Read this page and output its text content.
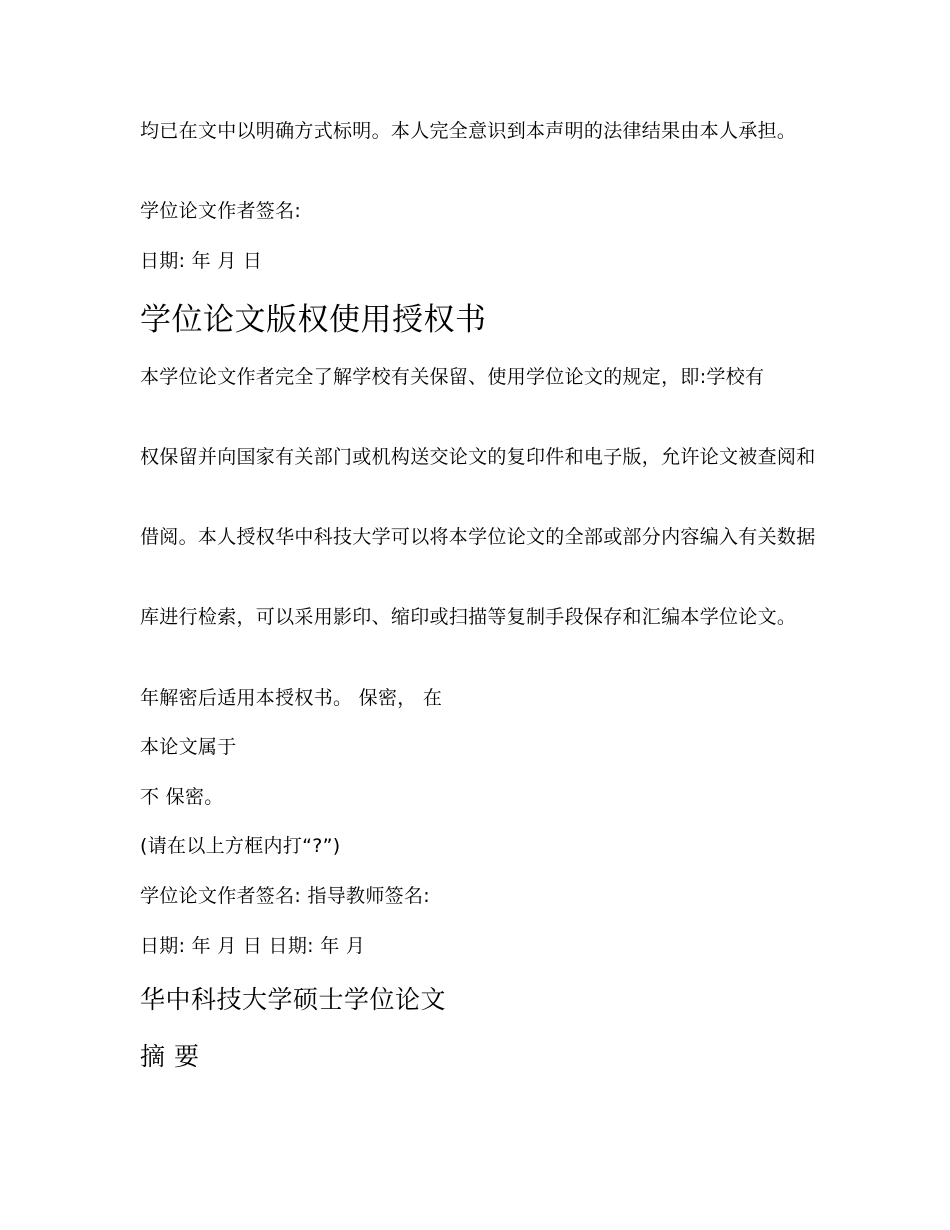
均已在文中以明确方式标明。本人完全意识到本声明的法律结果由本人承担。

学位论文作者签名:

日期: 年 月 日

学位论文版权使用授权书

本学位论文作者完全了解学校有关保留、使用学位论文的规定，即:学校有

权保留并向国家有关部门或机构送交论文的复印件和电子版，允许论文被查阅和

借阅。本人授权华中科技大学可以将本学位论文的全部或部分内容编入有关数据

库进行检索，可以采用影印、缩印或扫描等复制手段保存和汇编本学位论文。

年解密后适用本授权书。 保密， 在

本论文属于

不 保密。

(请在以上方框内打“?”)

学位论文作者签名: 指导教师签名:

日期: 年 月 日 日期: 年 月

华中科技大学硕士学位论文
摘 要
